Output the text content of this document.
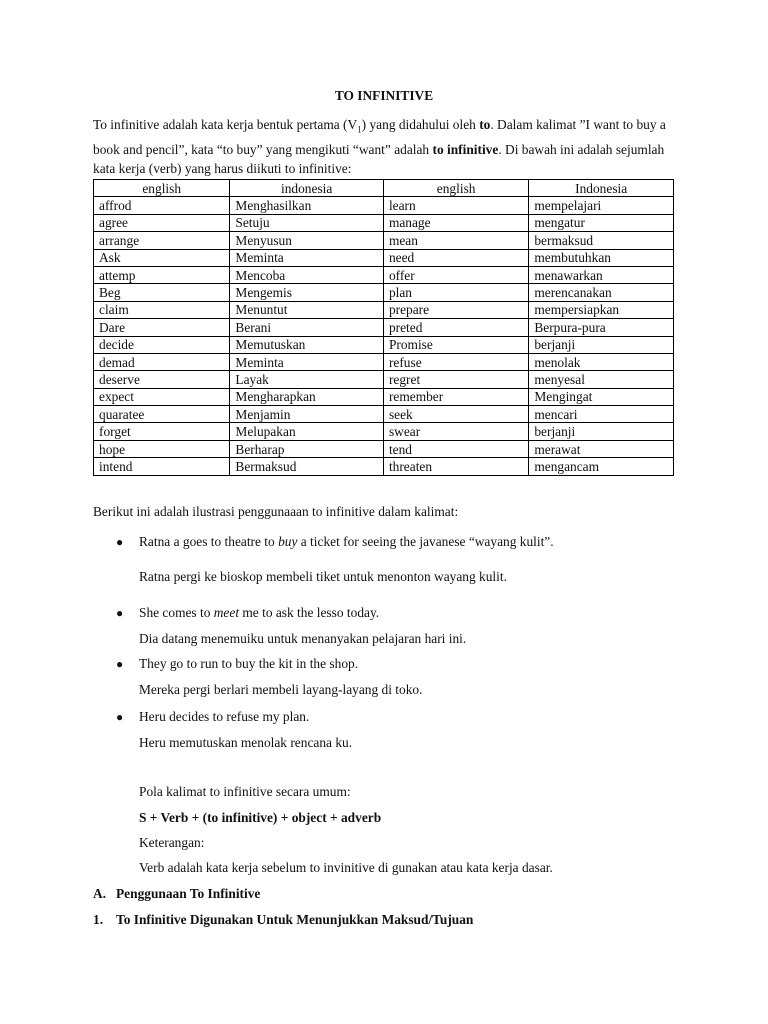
TO INFINITIVE

To infinitive adalah kata kerja bentuk pertama $(V_1)$ yang didahului oleh to. Dalam kalimat ”I want to buy a book and pencil”, kata “to buy” yang mengikuti “want” adalah to infinitive. Di bawah ini adalah sejumlah kata kerja (verb) yang harus diikuti to infinitive:

english	indonesia	english	Indonesia
affrod	Menghasilkan	learn	mempelajari
agree	Setuju	manage	mengatur
arrange	Menyusun	mean	bermaksud
Ask	Meminta	need	membutuhkan
attemp	Mencoba	offer	menawarkan
Beg	Mengemis	plan	merencanakan
claim	Menuntut	prepare	mempersiapkan
Dare	Berani	preted	Berpura-pura
decide	Memutuskan	Promise	berjanji
demad	Meminta	refuse	menolak
deserve	Layak	regret	menyesal
expect	Mengharapkan	remember	Mengingat
quaratee	Menjamin	seek	mencari
forget	Melupakan	swear	berjanji
hope	Berharap	tend	merawat
intend	Bermaksud	threaten	mengancam
Berikut ini adalah ilustrasi penggunaaan to infinitive dalam kalimat:
● Ratna a goes to theatre to buy a ticket for seeing the javanese “wayang kulit”.
Ratna pergi ke bioskop membeli tiket untuk menonton wayang kulit.
● She comes to meet me to ask the lesso today.
Dia datang menemuiku untuk menanyakan pelajaran hari ini.
● They go to run to buy the kit in the shop.
Mereka pergi berlari membeli layang-layang di toko.
● Heru decides to refuse my plan.
Heru memutuskan menolak rencana ku.
Pola kalimat to infinitive secara umum:
S + Verb + (to infinitive) + object + adverb
Keterangan:
Verb adalah kata kerja sebelum to invinitive di gunakan atau kata kerja dasar.
A. Penggunaan To Infinitive
1. To Infinitive Digunakan Untuk Menunjukkan Maksud/Tujuan
